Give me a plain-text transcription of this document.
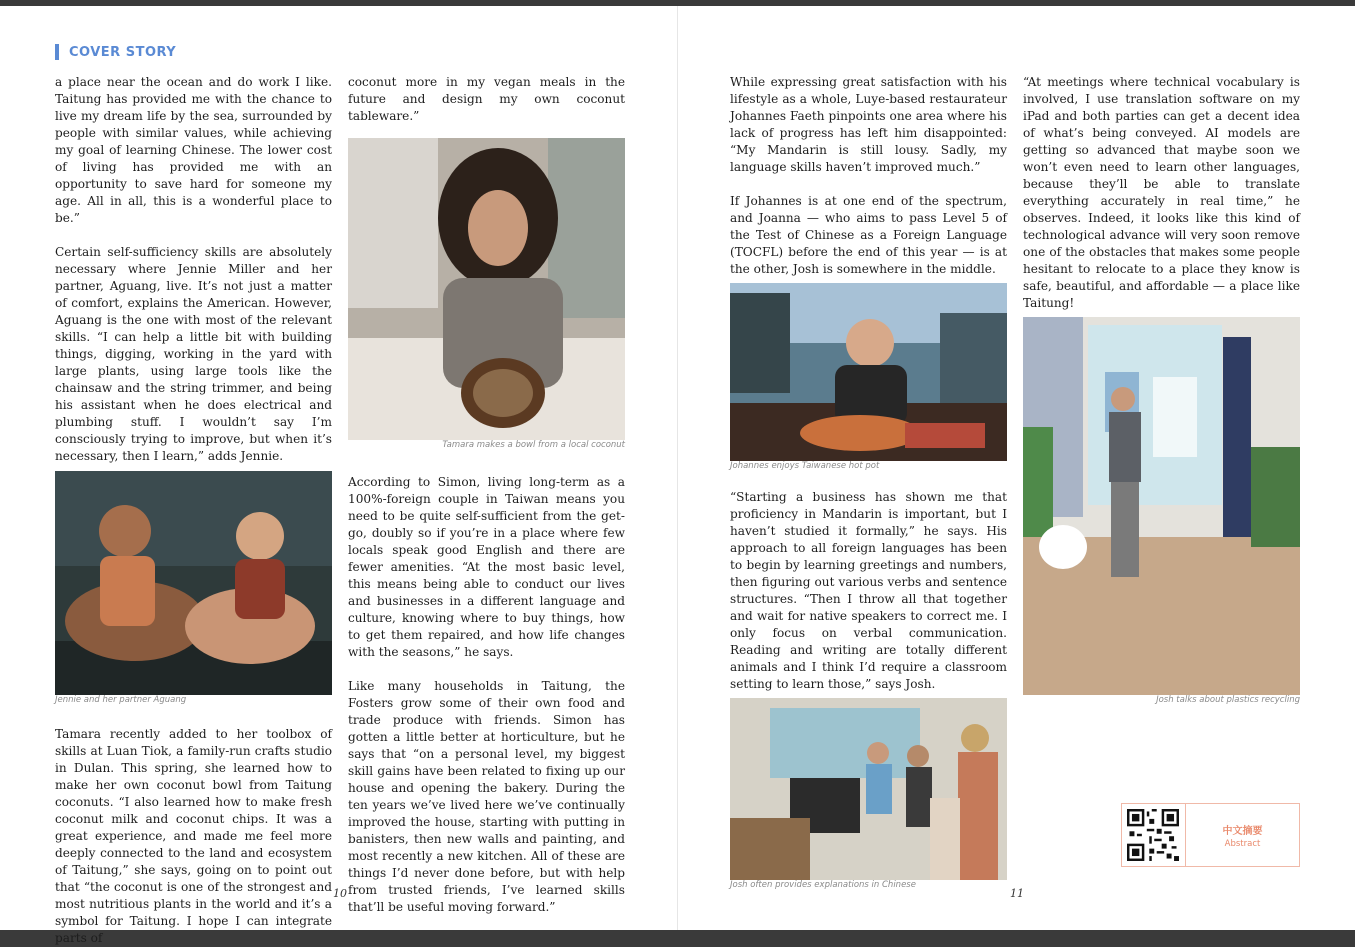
COVER STORY

a place near the ocean and do work I like. Taitung has provided me with the chance to live my dream life by the sea, surrounded by people with similar values, while achieving my goal of learning Chinese. The lower cost of living has provided me with an opportunity to save hard for someone my age. All in all, this is a wonderful place to be.”

Certain self-sufficiency skills are absolutely necessary where Jennie Miller and her partner, Aguang, live. It’s not just a matter of comfort, explains the American. However, Aguang is the one with most of the relevant skills. “I can help a little bit with building things, digging, working in the yard with large plants, using large tools like the chainsaw and the string trimmer, and being his assistant when he does electrical and plumbing stuff. I wouldn’t say I’m consciously trying to improve, but when it’s necessary, then I learn,” adds Jennie.

Jennie and her partner Aguang

Tamara recently added to her toolbox of skills at Luan Tiok, a family-run crafts studio in Dulan. This spring, she learned how to make her own coconut bowl from Taitung coconuts. “I also learned how to make fresh coconut milk and coconut chips. It was a great experience, and made me feel more deeply connected to the land and ecosystem of Taitung,” she says, going on to point out that “the coconut is one of the strongest and most nutritious plants in the world and it’s a symbol for Taitung. I hope I can integrate parts of

coconut more in my vegan meals in the future and design my own coconut tableware.”

Tamara makes a bowl from a local coconut

According to Simon, living long-term as a 100%-foreign couple in Taiwan means you need to be quite self-sufficient from the get-go, doubly so if you’re in a place where few locals speak good English and there are fewer amenities. “At the most basic level, this means being able to conduct our lives and businesses in a different language and culture, knowing where to buy things, how to get them repaired, and how life changes with the seasons,” he says.

Like many households in Taitung, the Fosters grow some of their own food and trade produce with friends. Simon has gotten a little better at horticulture, but he says that “on a personal level, my biggest skill gains have been related to fixing up our house and opening the bakery. During the ten years we’ve lived here we’ve continually improved the house, starting with putting in banisters, then new walls and painting, and most recently a new kitchen. All of these are things I’d never done before, but with help from trusted friends, I’ve learned skills that’ll be useful moving forward.”

While expressing great satisfaction with his lifestyle as a whole, Luye-based restaurateur Johannes Faeth pinpoints one area where his lack of progress has left him disappointed: “My Mandarin is still lousy. Sadly, my language skills haven’t improved much.”

If Johannes is at one end of the spectrum, and Joanna — who aims to pass Level 5 of the Test of Chinese as a Foreign Language (TOCFL) before the end of this year — is at the other, Josh is somewhere in the middle.

Johannes enjoys Taiwanese hot pot

“Starting a business has shown me that proficiency in Mandarin is important, but I haven’t studied it formally,” he says. His approach to all foreign languages has been to begin by learning greetings and numbers, then figuring out various verbs and sentence structures. “Then I throw all that together and wait for native speakers to correct me. I only focus on verbal communication. Reading and writing are totally different animals and I think I’d require a classroom setting to learn those,” says Josh.

Josh often provides explanations in Chinese

“At meetings where technical vocabulary is involved, I use translation software on my iPad and both parties can get a decent idea of what’s being conveyed. AI models are getting so advanced that maybe soon we won’t even need to learn other languages, because they’ll be able to translate everything accurately in real time,” he observes. Indeed, it looks like this kind of technological advance will very soon remove one of the obstacles that makes some people hesitant to relocate to a place they know is safe, beautiful, and affordable — a place like Taitung!

Josh talks about plastics recycling

中文摘要
Abstract
10	11
